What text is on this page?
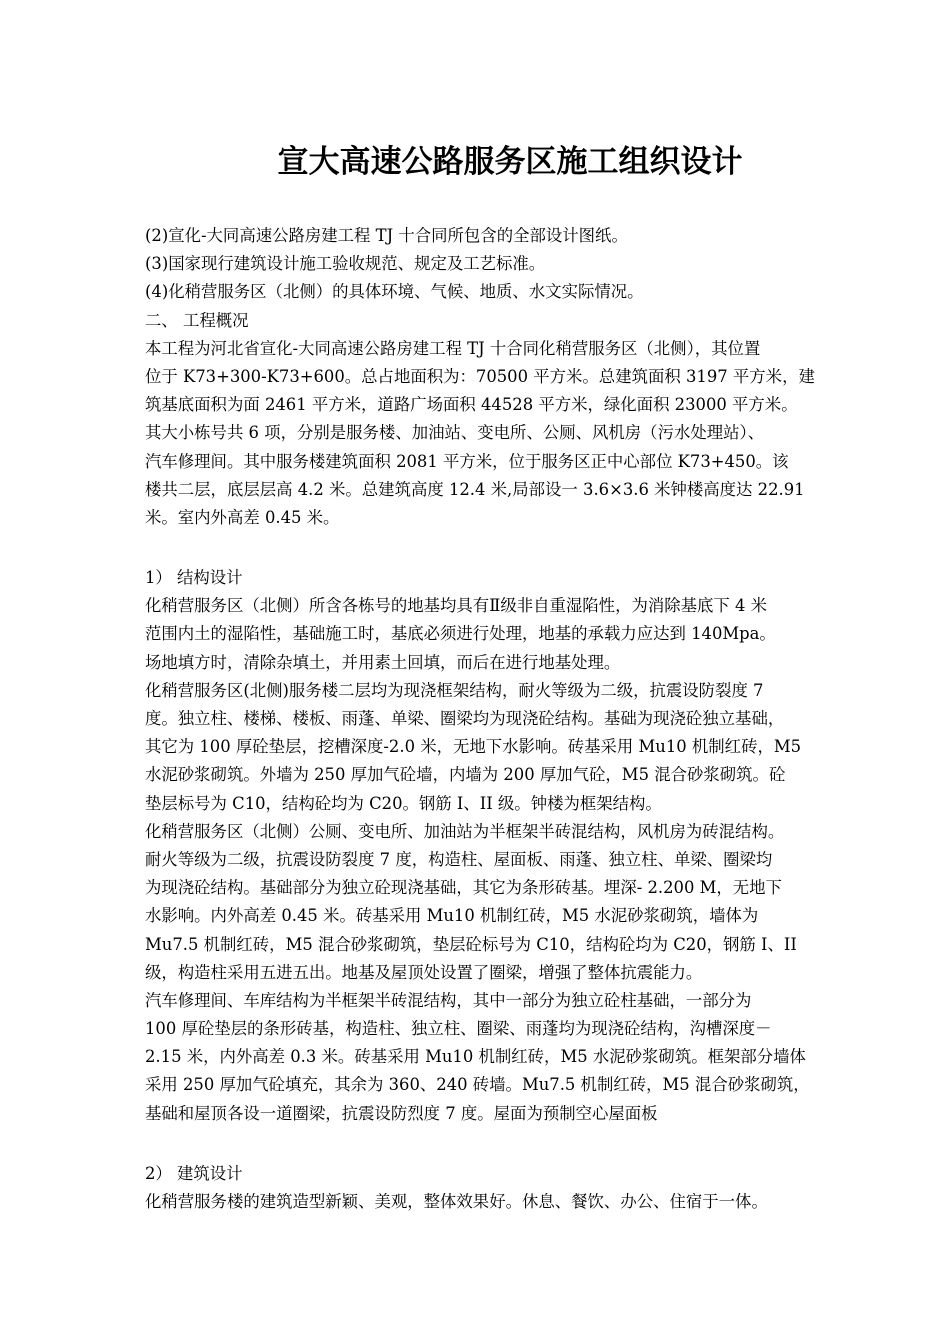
宣大高速公路服务区施工组织设计
(2)宣化-大同高速公路房建工程 TJ 十合同所包含的全部设计图纸。
(3)国家现行建筑设计施工验收规范、规定及工艺标准。
(4)化稍营服务区（北侧）的具体环境、气候、地质、水文实际情况。
二、 工程概况
本工程为河北省宣化-大同高速公路房建工程 TJ 十合同化稍营服务区（北侧），其位置
位于 K73+300-K73+600。总占地面积为：70500 平方米。总建筑面积 3197 平方米，建
筑基底面积为面 2461 平方米，道路广场面积 44528 平方米，绿化面积 23000 平方米。
其大小栋号共 6 项，分别是服务楼、加油站、变电所、公厕、风机房（污水处理站）、
汽车修理间。其中服务楼建筑面积 2081 平方米，位于服务区正中心部位 K73+450。该
楼共二层，底层层高 4.2 米。总建筑高度 12.4 米,局部设一 3.6×3.6 米钟楼高度达 22.91
米。室内外高差 0.45 米。
1） 结构设计
化稍营服务区（北侧）所含各栋号的地基均具有Ⅱ级非自重湿陷性，为消除基底下 4 米
范围内土的湿陷性，基础施工时，基底必须进行处理，地基的承载力应达到 140Mpa。
场地填方时，清除杂填土，并用素土回填，而后在进行地基处理。
化稍营服务区(北侧)服务楼二层均为现浇框架结构，耐火等级为二级，抗震设防裂度 7
度。独立柱、楼梯、楼板、雨蓬、单梁、圈梁均为现浇砼结构。基础为现浇砼独立基础，
其它为 100 厚砼垫层，挖槽深度-2.0 米，无地下水影响。砖基采用 Mu10 机制红砖，M5
水泥砂浆砌筑。外墙为 250 厚加气砼墙，内墙为 200 厚加气砼，M5 混合砂浆砌筑。砼
垫层标号为 C10，结构砼均为 C20。钢筋 I、II 级。钟楼为框架结构。
化稍营服务区（北侧）公厕、变电所、加油站为半框架半砖混结构，风机房为砖混结构。
耐火等级为二级，抗震设防裂度 7 度，构造柱、屋面板、雨蓬、独立柱、单梁、圈梁均
为现浇砼结构。基础部分为独立砼现浇基础，其它为条形砖基。埋深- 2.200 M，无地下
水影响。内外高差 0.45 米。砖基采用 Mu10 机制红砖，M5 水泥砂浆砌筑，墙体为
Mu7.5 机制红砖，M5 混合砂浆砌筑，垫层砼标号为 C10，结构砼均为 C20，钢筋 I、II
级，构造柱采用五进五出。地基及屋顶处设置了圈梁，增强了整体抗震能力。
汽车修理间、车库结构为半框架半砖混结构，其中一部分为独立砼柱基础，一部分为
100 厚砼垫层的条形砖基，构造柱、独立柱、圈梁、雨蓬均为现浇砼结构，沟槽深度－
2.15 米，内外高差 0.3 米。砖基采用 Mu10 机制红砖，M5 水泥砂浆砌筑。框架部分墙体
采用 250 厚加气砼填充，其余为 360、240 砖墙。Mu7.5 机制红砖，M5 混合砂浆砌筑，
基础和屋顶各设一道圈梁，抗震设防烈度 7 度。屋面为预制空心屋面板
2） 建筑设计
化稍营服务楼的建筑造型新颖、美观，整体效果好。休息、餐饮、办公、住宿于一体。
